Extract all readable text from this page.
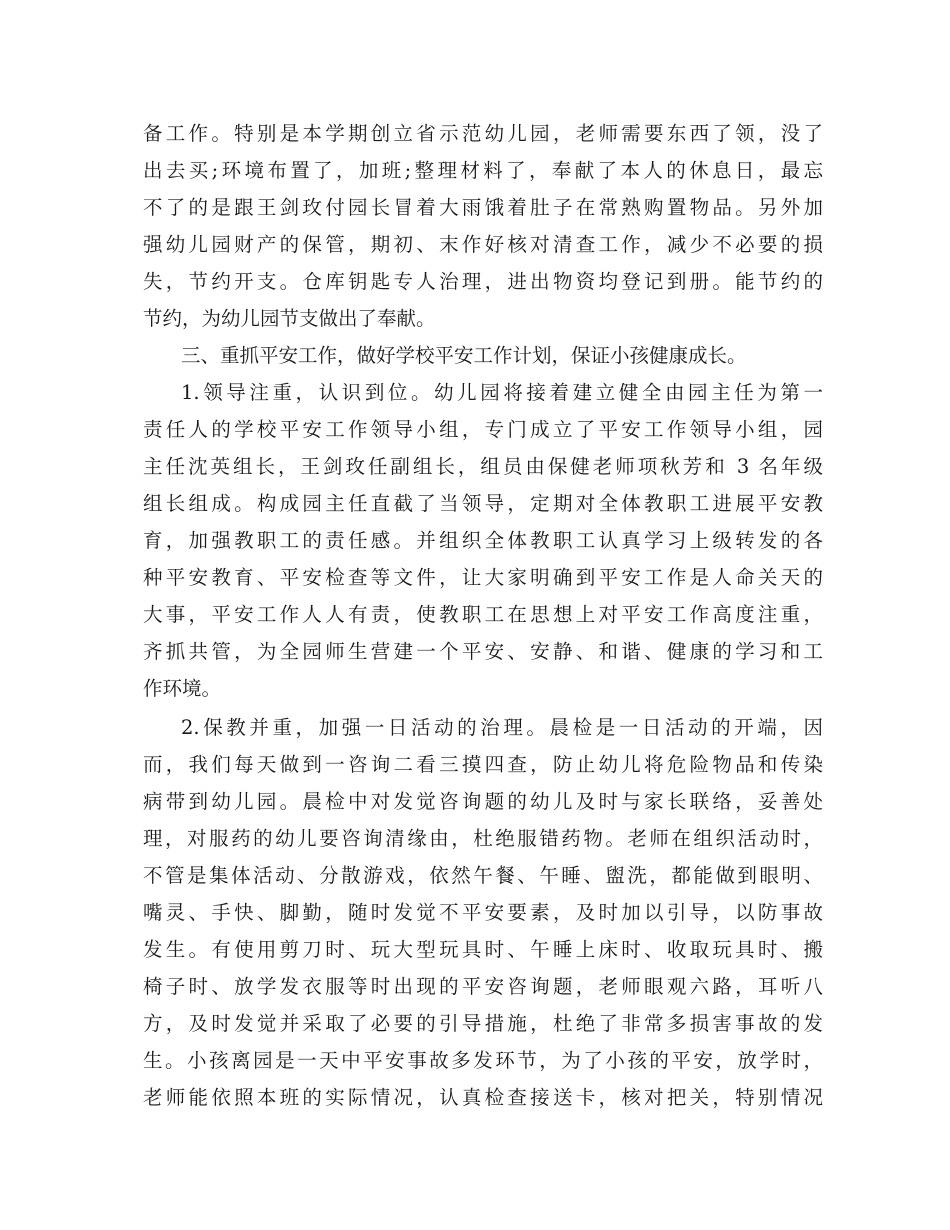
备工作。特别是本学期创立省示范幼儿园，老师需要东西了领，没了
出去买;环境布置了，加班;整理材料了，奉献了本人的休息日，最忘
不了的是跟王剑玫付园长冒着大雨饿着肚子在常熟购置物品。另外加
强幼儿园财产的保管，期初、末作好核对清查工作，减少不必要的损
失，节约开支。仓库钥匙专人治理，进出物资均登记到册。能节约的
节约，为幼儿园节支做出了奉献。
三、重抓平安工作，做好学校平安工作计划，保证小孩健康成长。
1.领导注重，认识到位。幼儿园将接着建立健全由园主任为第一
责任人的学校平安工作领导小组，专门成立了平安工作领导小组，园
主任沈英组长，王剑玫任副组长，组员由保健老师项秋芳和 3 名年级
组长组成。构成园主任直截了当领导，定期对全体教职工进展平安教
育，加强教职工的责任感。并组织全体教职工认真学习上级转发的各
种平安教育、平安检查等文件，让大家明确到平安工作是人命关天的
大事，平安工作人人有责，使教职工在思想上对平安工作高度注重，
齐抓共管，为全园师生营建一个平安、安静、和谐、健康的学习和工
作环境。
2.保教并重，加强一日活动的治理。晨检是一日活动的开端，因
而，我们每天做到一咨询二看三摸四查，防止幼儿将危险物品和传染
病带到幼儿园。晨检中对发觉咨询题的幼儿及时与家长联络，妥善处
理，对服药的幼儿要咨询清缘由，杜绝服错药物。老师在组织活动时，
不管是集体活动、分散游戏，依然午餐、午睡、盥洗，都能做到眼明、
嘴灵、手快、脚勤，随时发觉不平安要素，及时加以引导，以防事故
发生。有使用剪刀时、玩大型玩具时、午睡上床时、收取玩具时、搬
椅子时、放学发衣服等时出现的平安咨询题，老师眼观六路，耳听八
方，及时发觉并采取了必要的引导措施，杜绝了非常多损害事故的发
生。小孩离园是一天中平安事故多发环节，为了小孩的平安，放学时，
老师能依照本班的实际情况，认真检查接送卡，核对把关，特别情况
